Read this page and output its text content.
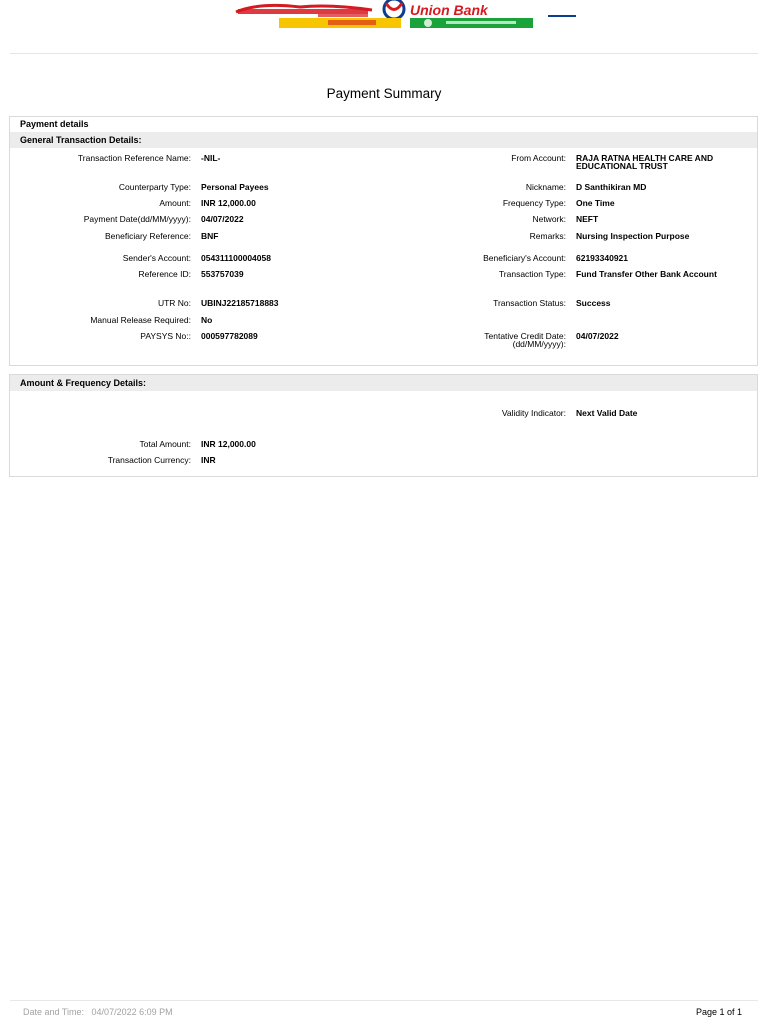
Union Bank
Payment Summary
Payment details
General Transaction Details:
Transaction Reference Name: -NIL-
Counterparty Type: Personal Payees
Amount: INR 12,000.00
Payment Date(dd/MM/yyyy): 04/07/2022
Beneficiary Reference: BNF
Sender's Account: 054311100004058
Reference ID: 553757039
UTR No: UBINJ22185718883
Manual Release Required: No
PAYSYS No:: 000597782089
From Account: RAJA RATNA HEALTH CARE AND EDUCATIONAL TRUST
Nickname: D Santhikiran MD
Frequency Type: One Time
Network: NEFT
Remarks: Nursing Inspection Purpose
Beneficiary's Account: 62193340921
Transaction Type: Fund Transfer Other Bank Account
Transaction Status: Success
Tentative Credit Date:(dd/MM/yyyy):
04/07/2022
Amount & Frequency Details:
Validity Indicator: Next Valid Date
Total Amount: INR 12,000.00
Transaction Currency: INR
Date and Time: 04/07/2022 6:09 PM	Page 1 of 1
